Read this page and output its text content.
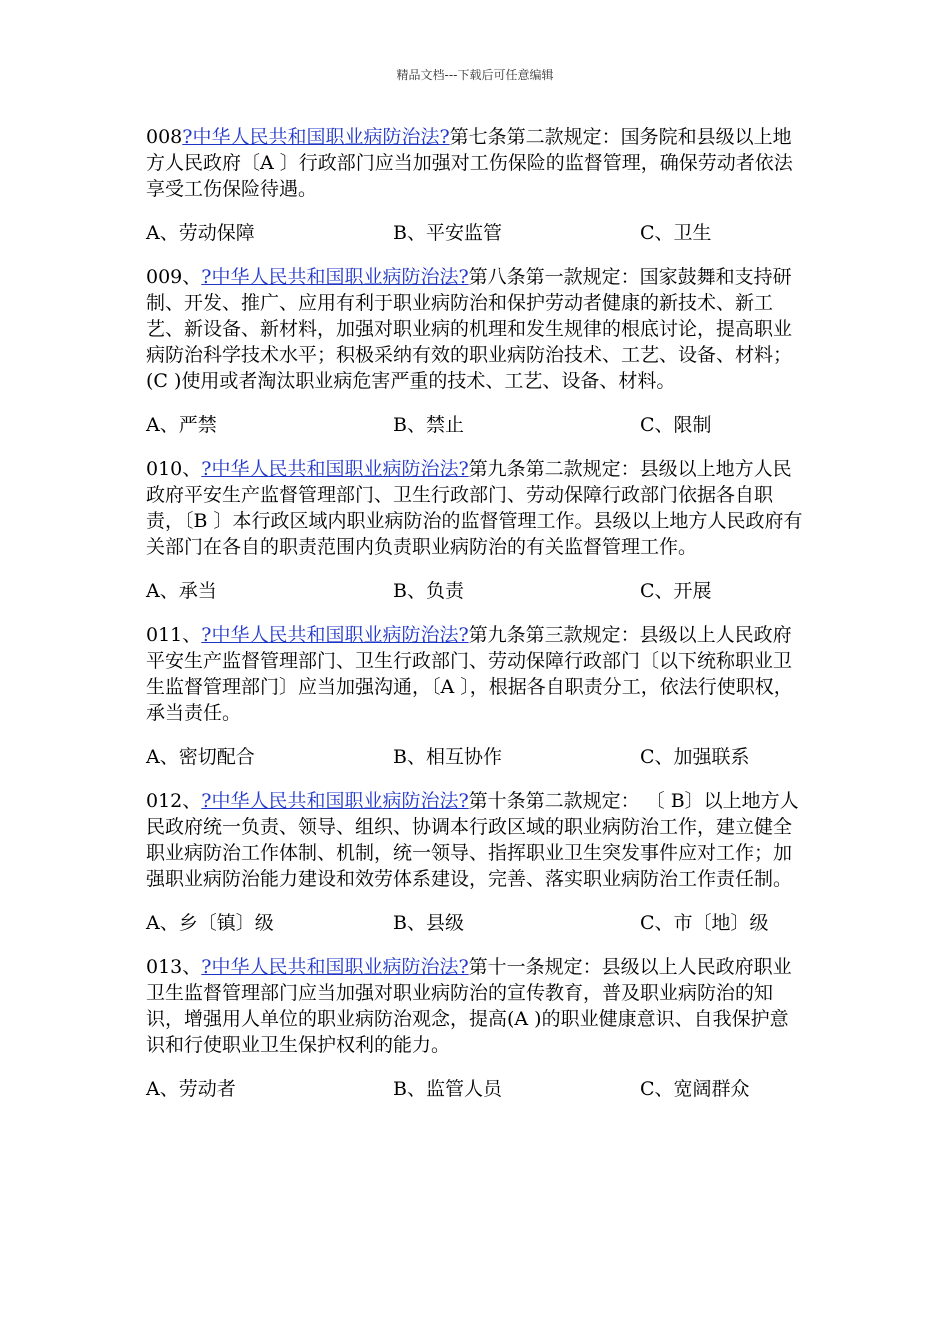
精品文档---下载后可任意编辑

008?中华人民共和国职业病防治法?第七条第二款规定：国务院和县级以上地方人民政府〔A 〕行政部门应当加强对工伤保险的监督管理，确保劳动者依法享受工伤保险待遇。

A、劳动保障	B、平安监管	C、卫生

009、?中华人民共和国职业病防治法?第八条第一款规定：国家鼓舞和支持研制、开发、推广、应用有利于职业病防治和保护劳动者健康的新技术、新工艺、新设备、新材料，加强对职业病的机理和发生规律的根底讨论，提高职业病防治科学技术水平；积极采纳有效的职业病防治技术、工艺、设备、材料；(C )使用或者淘汰职业病危害严重的技术、工艺、设备、材料。

A、严禁	B、禁止	C、限制

010、?中华人民共和国职业病防治法?第九条第二款规定：县级以上地方人民政府平安生产监督管理部门、卫生行政部门、劳动保障行政部门依据各自职责，〔B 〕本行政区域内职业病防治的监督管理工作。县级以上地方人民政府有关部门在各自的职责范围内负责职业病防治的有关监督管理工作。

A、承当	B、负责	C、开展

011、?中华人民共和国职业病防治法?第九条第三款规定：县级以上人民政府平安生产监督管理部门、卫生行政部门、劳动保障行政部门〔以下统称职业卫生监督管理部门〕应当加强沟通，〔A 〕，根据各自职责分工，依法行使职权，承当责任。

A、密切配合	B、相互协作	C、加强联系

012、?中华人民共和国职业病防治法?第十条第二款规定： 〔 B〕以上地方人民政府统一负责、领导、组织、协调本行政区域的职业病防治工作，建立健全职业病防治工作体制、机制，统一领导、指挥职业卫生突发事件应对工作；加强职业病防治能力建设和效劳体系建设，完善、落实职业病防治工作责任制。

A、乡〔镇〕级	B、县级	C、市〔地〕级

013、?中华人民共和国职业病防治法?第十一条规定：县级以上人民政府职业卫生监督管理部门应当加强对职业病防治的宣传教育，普及职业病防治的知识，增强用人单位的职业病防治观念，提高(A )的职业健康意识、自我保护意识和行使职业卫生保护权利的能力。

A、劳动者	B、监管人员	C、宽阔群众
